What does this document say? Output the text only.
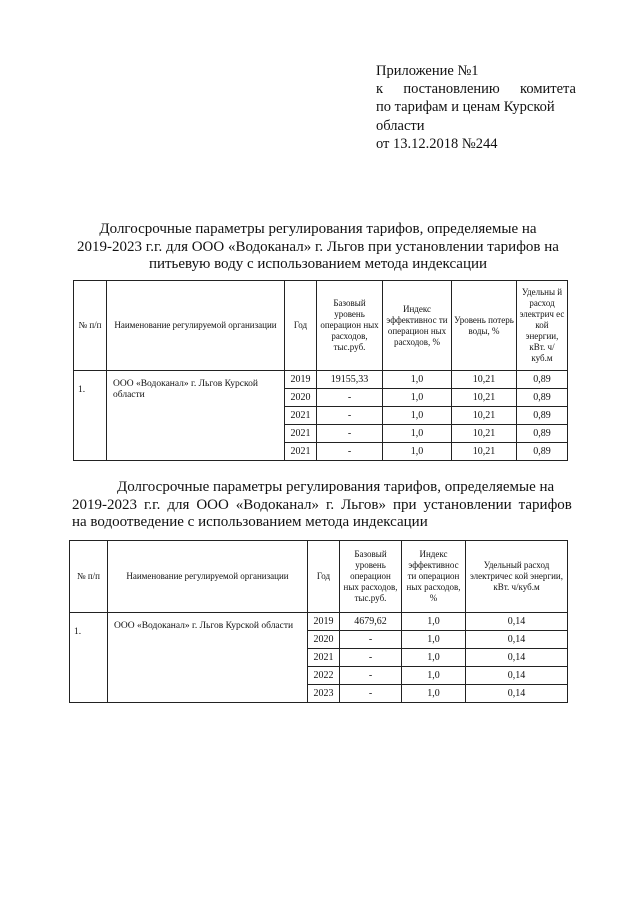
Приложение №1
к постановлению комитета
по тарифам и ценам Курской
области
от 13.12.2018 №244
Долгосрочные параметры регулирования тарифов, определяемые на
2019-2023 г.г. для ООО «Водоканал» г. Льгов при установлении тарифов на
питьевую воду с использованием метода индексации
№ п/п	Наименование регулируемой организации	Год	Базовый уровень операцион ных расходов, тыс.руб.	Индекс эффективнос ти операцион ных расходов, %	Уровень потерь воды, %	Удельны й расход электрич ес кой энергии, кВт. ч/куб.м
1.	ООО «Водоканал» г. Льгов Курской области	2019	19155,33	1,0	10,21	0,89
		2020	-	1,0	10,21	0,89
		2021	-	1,0	10,21	0,89
		2021	-	1,0	10,21	0,89
		2021	-	1,0	10,21	0,89
Долгосрочные параметры регулирования тарифов, определяемые на
2019-2023 г.г. для ООО «Водоканал» г. Льгов» при установлении тарифов
на водоотведение с использованием метода индексации
№ п/п	Наименование регулируемой организации	Год	Базовый уровень операцион ных расходов, тыс.руб.	Индекс эффективнос ти операцион ных расходов, %	Удельный расход электричес кой энергии, кВт. ч/куб.м
1.	ООО «Водоканал» г. Льгов Курской области	2019	4679,62	1,0	0,14
		2020	-	1,0	0,14
		2021	-	1,0	0,14
		2022	-	1,0	0,14
		2023	-	1,0	0,14
